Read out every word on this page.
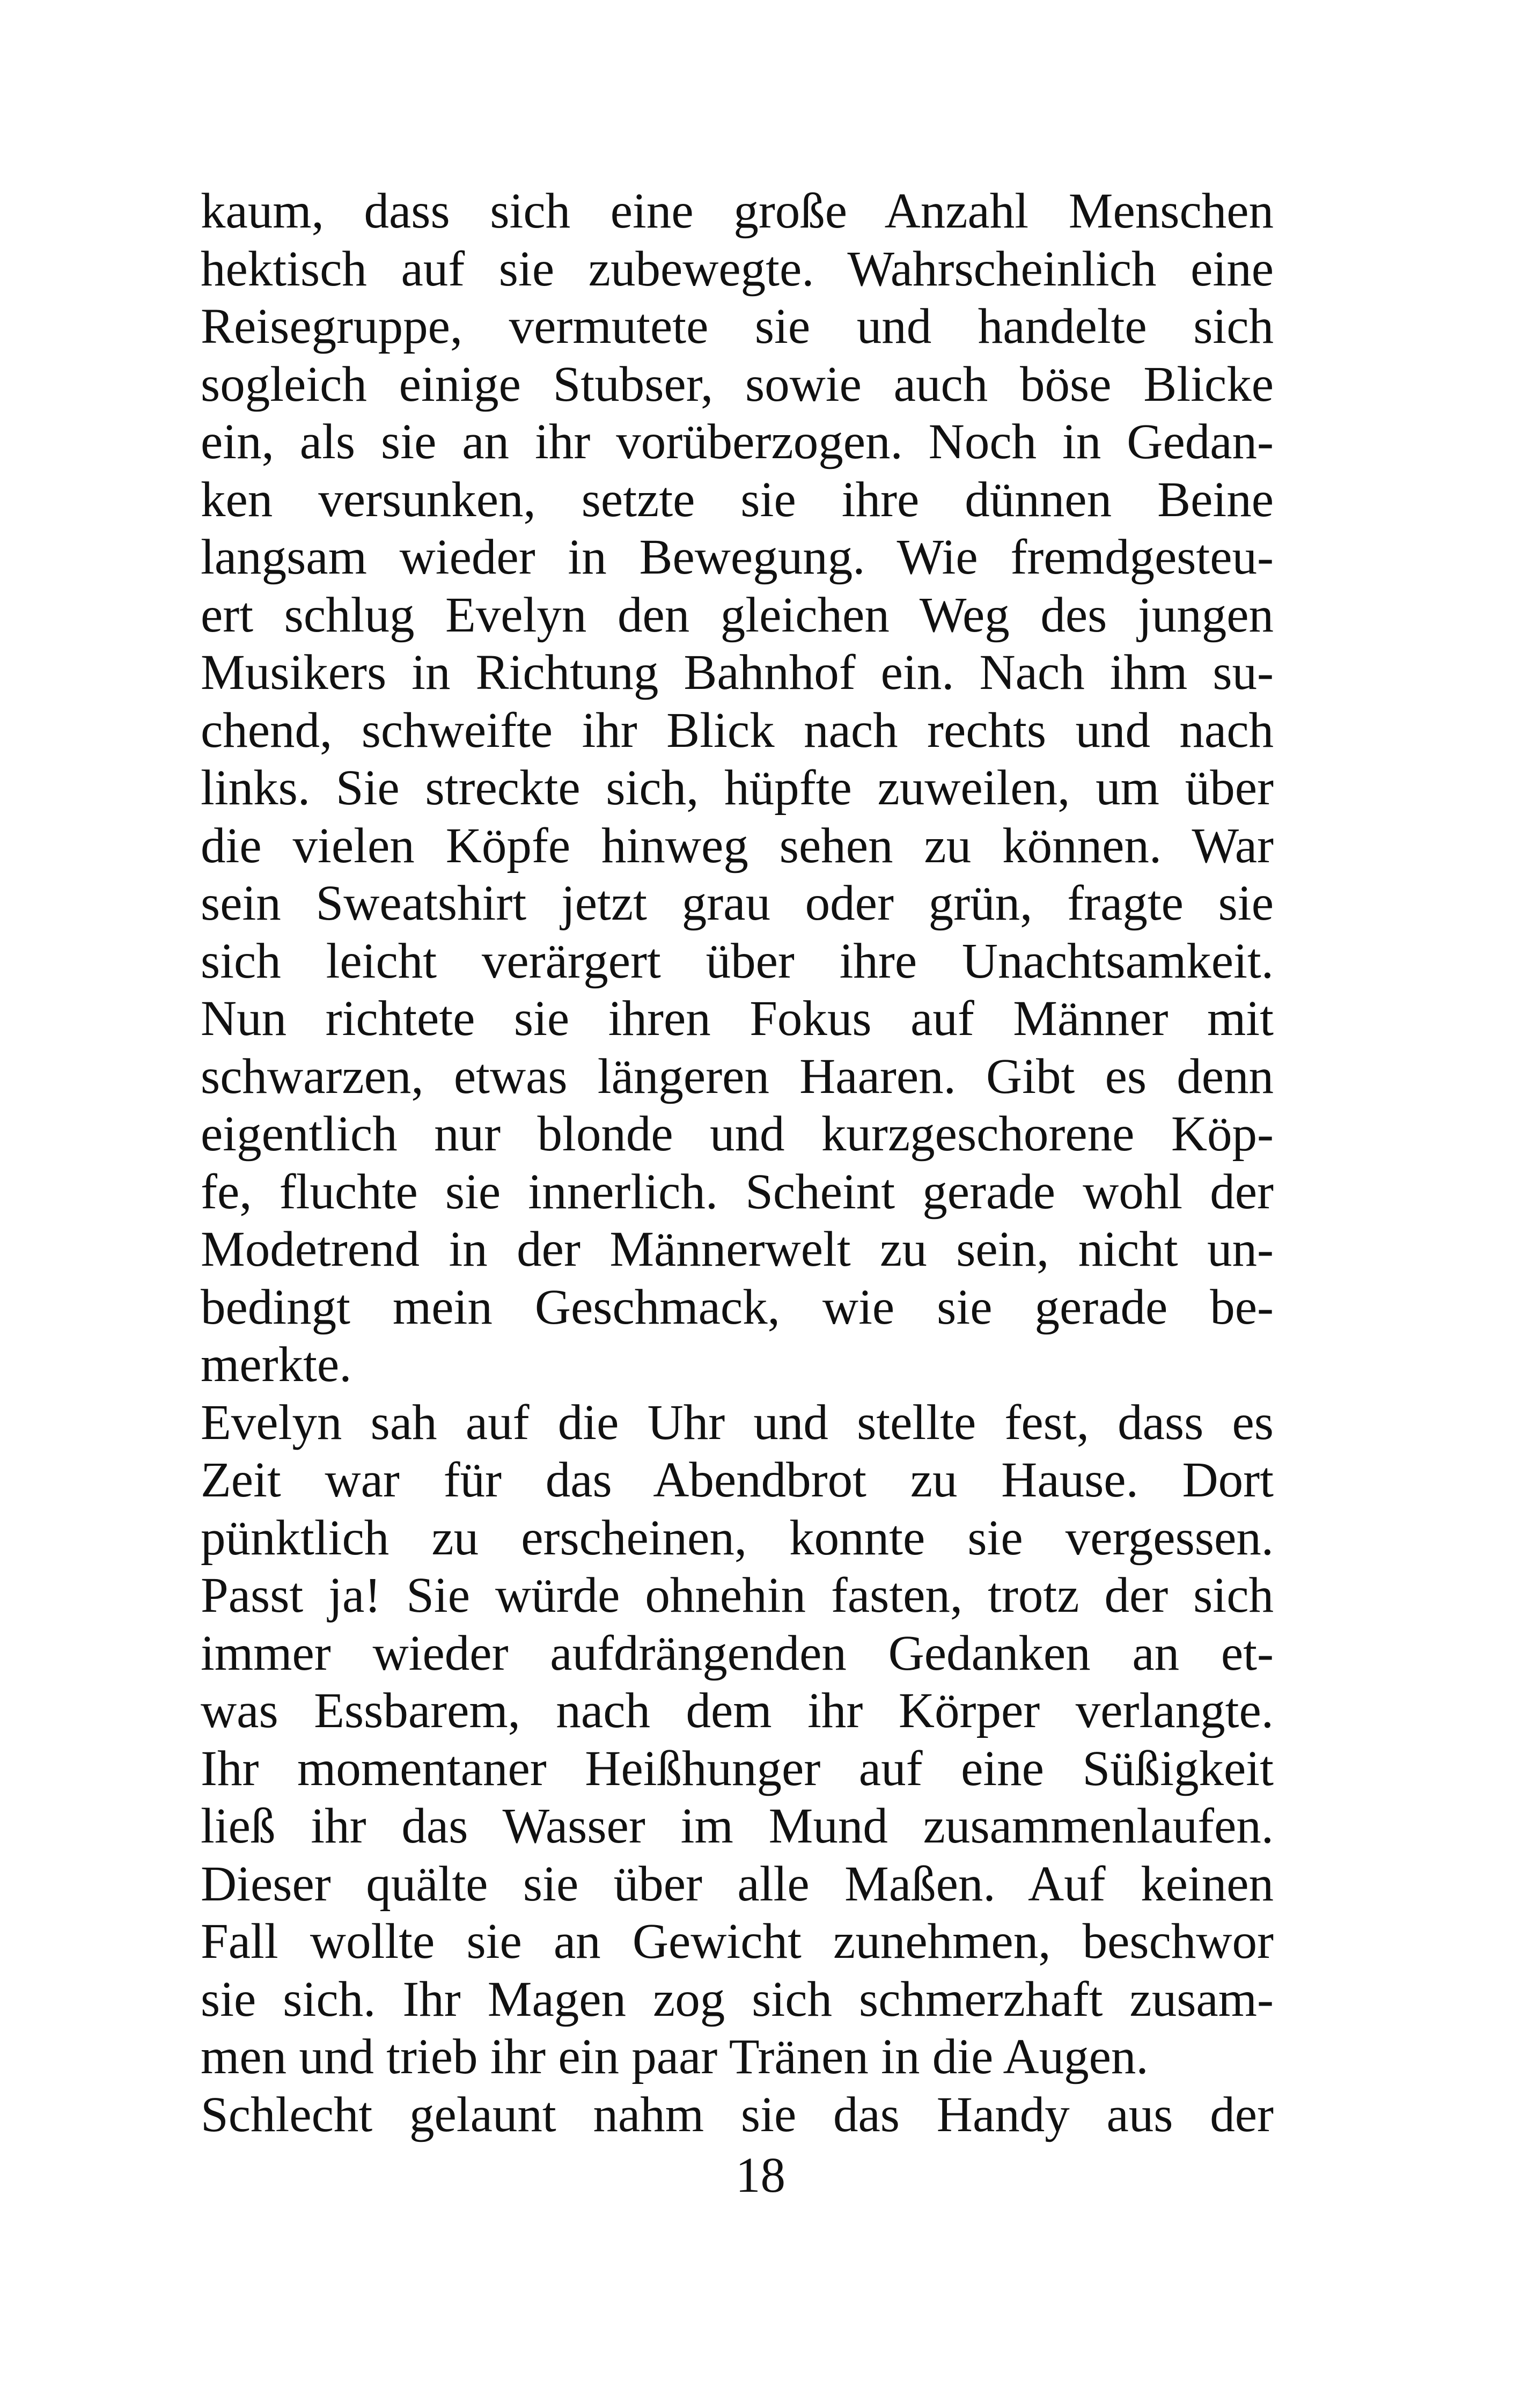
kaum, dass sich eine große Anzahl Menschen
hektisch auf sie zubewegte. Wahrscheinlich eine
Reisegruppe, vermutete sie und handelte sich
sogleich einige Stubser, sowie auch böse Blicke
ein, als sie an ihr vorüberzogen. Noch in Gedan-
ken versunken, setzte sie ihre dünnen Beine
langsam wieder in Bewegung. Wie fremdgesteu-
ert schlug Evelyn den gleichen Weg des jungen
Musikers in Richtung Bahnhof ein. Nach ihm su-
chend, schweifte ihr Blick nach rechts und nach
links. Sie streckte sich, hüpfte zuweilen, um über
die vielen Köpfe hinweg sehen zu können. War
sein Sweatshirt jetzt grau oder grün, fragte sie
sich leicht verärgert über ihre Unachtsamkeit.
Nun richtete sie ihren Fokus auf Männer mit
schwarzen, etwas längeren Haaren. Gibt es denn
eigentlich nur blonde und kurzgeschorene Köp-
fe, fluchte sie innerlich. Scheint gerade wohl der
Modetrend in der Männerwelt zu sein, nicht un-
bedingt mein Geschmack, wie sie gerade be-
merkte.
Evelyn sah auf die Uhr und stellte fest, dass es
Zeit war für das Abendbrot zu Hause. Dort
pünktlich zu erscheinen, konnte sie vergessen.
Passt ja! Sie würde ohnehin fasten, trotz der sich
immer wieder aufdrängenden Gedanken an et-
was Essbarem, nach dem ihr Körper verlangte.
Ihr momentaner Heißhunger auf eine Süßigkeit
ließ ihr das Wasser im Mund zusammenlaufen.
Dieser quälte sie über alle Maßen. Auf keinen
Fall wollte sie an Gewicht zunehmen, beschwor
sie sich. Ihr Magen zog sich schmerzhaft zusam-
men und trieb ihr ein paar Tränen in die Augen.
Schlecht gelaunt nahm sie das Handy aus der
18
